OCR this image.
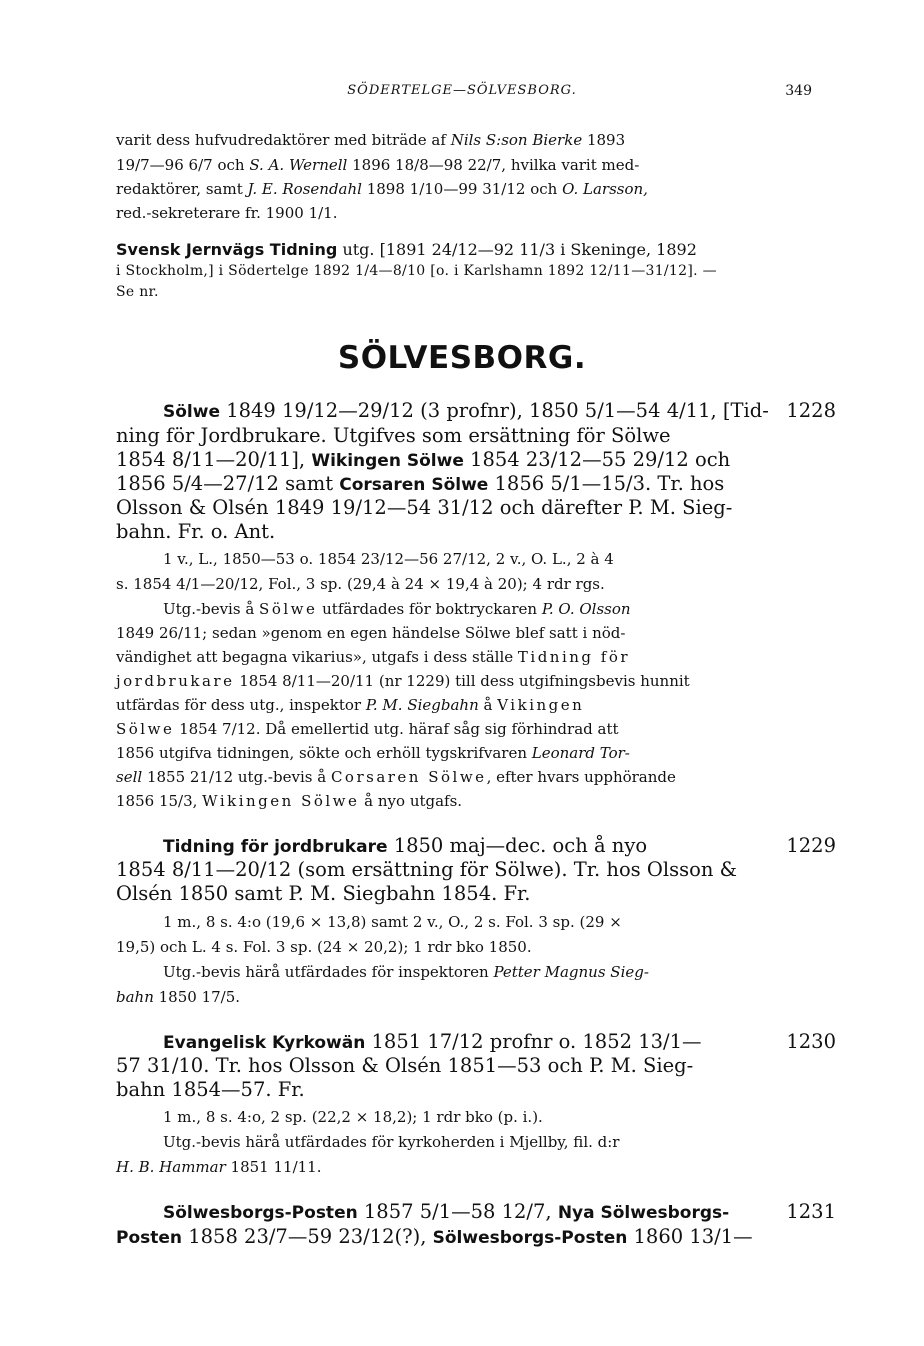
SÖDERTELGE—SÖLVESBORG.	349
varit dess hufvudredaktörer med biträde af Nils S:son Bierke 1893
19/7—96 6/7 och S. A. Wernell 1896 18/8—98 22/7, hvilka varit med-
redaktörer, samt J. E. Rosendahl 1898 1/10—99 31/12 och O. Larsson,
red.-sekreterare fr. 1900 1/1.
Svensk Jernvägs Tidning utg. [1891 24/12—92 11/3 i Skeninge, 1892
i Stockholm,] i Södertelge 1892 1/4—8/10 [o. i Karlshamn 1892 12/11—31/12]. —
Se nr.
SÖLVESBORG.
1228
Sölwe 1849 19/12—29/12 (3 profnr), 1850 5/1—54 4/11, [Tid-
ning för Jordbrukare. Utgifves som ersättning för Sölwe
1854 8/11—20/11], Wikingen Sölwe 1854 23/12—55 29/12 och
1856 5/4—27/12 samt Corsaren Sölwe 1856 5/1—15/3. Tr. hos
Olsson & Olsén 1849 19/12—54 31/12 och därefter P. M. Sieg-
bahn. Fr. o. Ant.
1 v., L., 1850—53 o. 1854 23/12—56 27/12, 2 v., O. L., 2 à 4
s. 1854 4/1—20/12, Fol., 3 sp. (29,4 à 24 × 19,4 à 20); 4 rdr rgs.
Utg.-bevis å Sölwe utfärdades för boktryckaren P. O. Olsson
1849 26/11; sedan »genom en egen händelse Sölwe blef satt i nöd-
vändighet att begagna vikarius», utgafs i dess ställe Tidning för
jordbrukare 1854 8/11—20/11 (nr 1229) till dess utgifningsbevis hunnit
utfärdas för dess utg., inspektor P. M. Siegbahn å Vikingen
Sölwe 1854 7/12. Då emellertid utg. häraf såg sig förhindrad att
1856 utgifva tidningen, sökte och erhöll tygskrifvaren Leonard Tor-
sell 1855 21/12 utg.-bevis å Corsaren Sölwe, efter hvars upphörande
1856 15/3, Wikingen Sölwe å nyo utgafs.
1229
Tidning för jordbrukare 1850 maj—dec. och å nyo
1854 8/11—20/12 (som ersättning för Sölwe). Tr. hos Olsson &
Olsén 1850 samt P. M. Siegbahn 1854. Fr.
1 m., 8 s. 4:o (19,6 × 13,8) samt 2 v., O., 2 s. Fol. 3 sp. (29 ×
19,5) och L. 4 s. Fol. 3 sp. (24 × 20,2); 1 rdr bko 1850.
Utg.-bevis härå utfärdades för inspektoren Petter Magnus Sieg-
bahn 1850 17/5.
1230
Evangelisk Kyrkowän 1851 17/12 profnr o. 1852 13/1—
57 31/10. Tr. hos Olsson & Olsén 1851—53 och P. M. Sieg-
bahn 1854—57. Fr.
1 m., 8 s. 4:o, 2 sp. (22,2 × 18,2); 1 rdr bko (p. i.).
Utg.-bevis härå utfärdades för kyrkoherden i Mjellby, fil. d:r
H. B. Hammar 1851 11/11.
1231
Sölwesborgs-Posten 1857 5/1—58 12/7, Nya Sölwesborgs-
Posten 1858 23/7—59 23/12(?), Sölwesborgs-Posten 1860 13/1—
